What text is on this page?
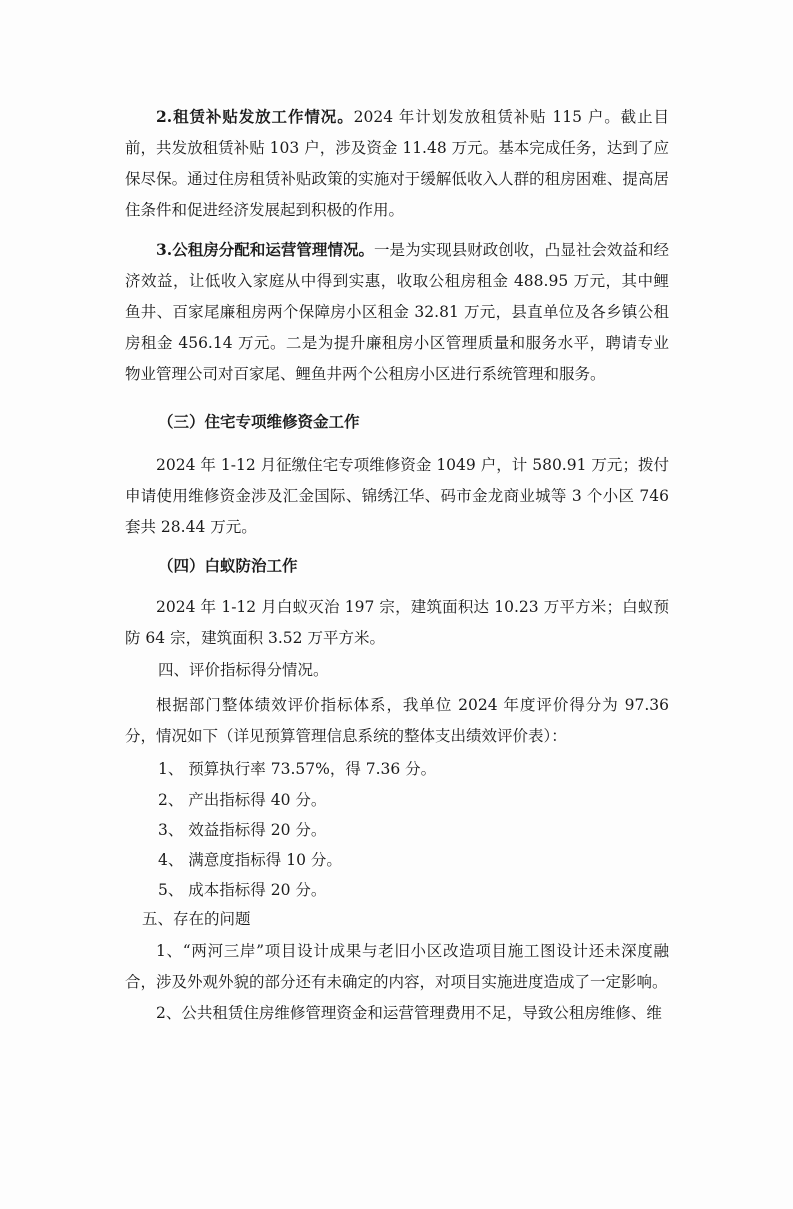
2.租赁补贴发放工作情况。2024 年计划发放租赁补贴 115 户。截止目前，共发放租赁补贴 103 户，涉及资金 11.48 万元。基本完成任务，达到了应保尽保。通过住房租赁补贴政策的实施对于缓解低收入人群的租房困难、提高居住条件和促进经济发展起到积极的作用。

3.公租房分配和运营管理情况。一是为实现县财政创收，凸显社会效益和经济效益，让低收入家庭从中得到实惠，收取公租房租金 488.95 万元，其中鲤鱼井、百家尾廉租房两个保障房小区租金 32.81 万元，县直单位及各乡镇公租房租金 456.14 万元。二是为提升廉租房小区管理质量和服务水平，聘请专业物业管理公司对百家尾、鲤鱼井两个公租房小区进行系统管理和服务。

（三）住宅专项维修资金工作

2024 年 1-12 月征缴住宅专项维修资金 1049 户，计 580.91 万元；拨付申请使用维修资金涉及汇金国际、锦绣江华、码市金龙商业城等 3 个小区 746 套共 28.44 万元。

（四）白蚁防治工作

2024 年 1-12 月白蚁灭治 197 宗，建筑面积达 10.23 万平方米；白蚁预防 64 宗，建筑面积 3.52 万平方米。

四、评价指标得分情况。

根据部门整体绩效评价指标体系，我单位 2024 年度评价得分为 97.36 分，情况如下（详见预算管理信息系统的整体支出绩效评价表）：

1、 预算执行率 73.57%，得 7.36 分。

2、 产出指标得 40 分。

3、 效益指标得 20 分。

4、 满意度指标得 10 分。

5、 成本指标得 20 分。

五、存在的问题

1、“两河三岸”项目设计成果与老旧小区改造项目施工图设计还未深度融合，涉及外观外貌的部分还有未确定的内容，对项目实施进度造成了一定影响。

2、公共租赁住房维修管理资金和运营管理费用不足，导致公租房维修、维
